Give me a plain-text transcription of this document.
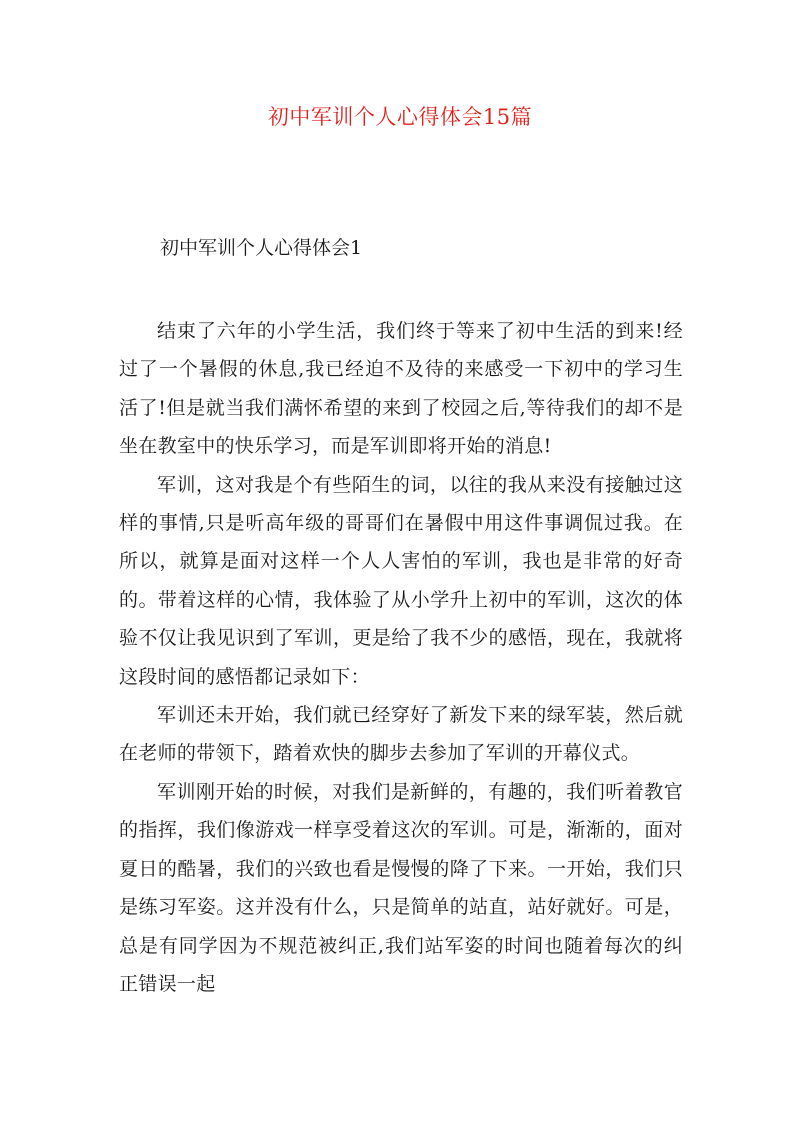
初中军训个人心得体会15篇
初中军训个人心得体会1

结束了六年的小学生活，我们终于等来了初中生活的到来!经过了一个暑假的休息,我已经迫不及待的来感受一下初中的学习生活了!但是就当我们满怀希望的来到了校园之后,等待我们的却不是坐在教室中的快乐学习，而是军训即将开始的消息!

军训，这对我是个有些陌生的词，以往的我从来没有接触过这样的事情,只是听高年级的哥哥们在暑假中用这件事调侃过我。在所以，就算是面对这样一个人人害怕的军训，我也是非常的好奇的。带着这样的心情，我体验了从小学升上初中的军训，这次的体验不仅让我见识到了军训，更是给了我不少的感悟，现在，我就将这段时间的感悟都记录如下：

军训还未开始，我们就已经穿好了新发下来的绿军装，然后就在老师的带领下，踏着欢快的脚步去参加了军训的开幕仪式。

军训刚开始的时候，对我们是新鲜的，有趣的，我们听着教官的指挥，我们像游戏一样享受着这次的军训。可是，渐渐的，面对夏日的酷暑，我们的兴致也看是慢慢的降了下来。一开始，我们只是练习军姿。这并没有什么，只是简单的站直，站好就好。可是，总是有同学因为不规范被纠正,我们站军姿的时间也随着每次的纠正错误一起
